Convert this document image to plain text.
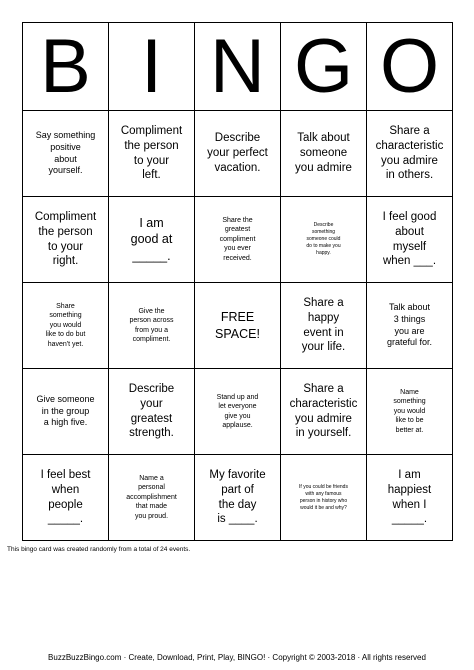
B I N G O
Say something
positive
about
yourself.
Compliment
the person
to your
left.
Describe
your perfect
vacation.
Talk about
someone
you admire
Share a
characteristic
you admire
in others.
Compliment
the person
to your
right.
I am
good at
_____.
Share the
greatest
compliment
you ever
received.
Describe
something
someone could
do to make you
happy.
I feel good
about
myself
when ___.
Share
something
you would
like to do but
haven't yet.
Give the
person across
from you a
compliment.
FREE
SPACE!
Share a
happy
event in
your life.
Talk about
3 things
you are
grateful for.
Give someone
in the group
a high five.
Describe
your
greatest
strength.
Stand up and
let everyone
give you
applause.
Share a
characteristic
you admire
in yourself.
Name
something
you would
like to be
better at.
I feel best
when
people
_____.
Name a
personal
accomplishment
that made
you proud.
My favorite
part of
the day
is ____.
If you could be friends
with any famous
person in history who
would it be and why?
I am
happiest
when I
_____.
This bingo card was created randomly from a total of 24 events.
BuzzBuzzBingo.com · Create, Download, Print, Play, BINGO! · Copyright © 2003-2018 · All rights reserved
